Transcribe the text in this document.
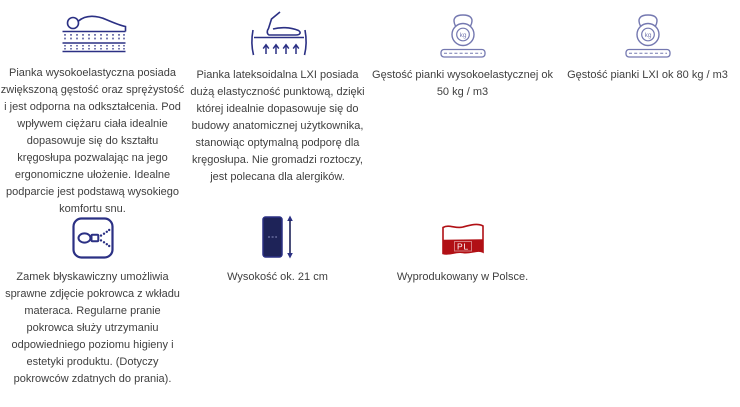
Pianka wysokoelastyczna posiada zwiększoną gęstość oraz sprężystość i jest odporna na odkształcenia. Pod wpływem ciężaru ciała idealnie dopasowuje się do kształtu kręgosłupa pozwalając na jego ergonomiczne ułożenie. Idealne podparcie jest podstawą wysokiego komfortu snu.

Pianka lateksoidalna LXI posiada dużą elastyczność punktową, dzięki której idealnie dopasowuje się do budowy anatomicznej użytkownika, stanowiąc optymalną podporę dla kręgosłupa. Nie gromadzi roztoczy, jest polecana dla alergików.

kg

Gęstość pianki wysokoelastycznej ok 50 kg / m3

kg

Gęstość pianki LXI ok 80 kg / m3

Zamek błyskawiczny umożliwia sprawne zdjęcie pokrowca z wkładu materaca. Regularne pranie pokrowca służy utrzymaniu odpowiedniego poziomu higieny i estetyki produktu. (Dotyczy pokrowców zdatnych do prania).

Wysokość ok. 21 cm

PL

Wyprodukowany w Polsce.
